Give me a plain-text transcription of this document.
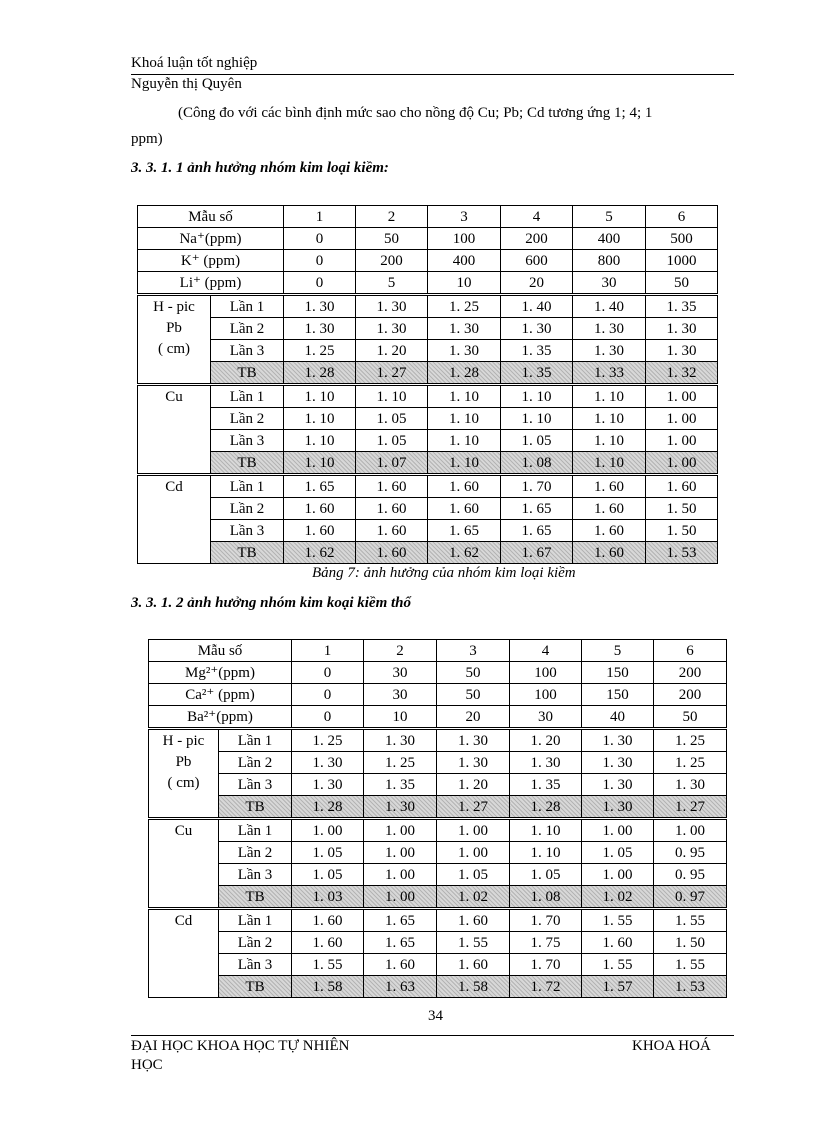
Khoá luận tốt nghiệp
Nguyễn thị Quyên
(Công đo với các bình định mức sao cho nồng độ Cu; Pb; Cd tương ứng 1; 4; 1
ppm)
3. 3. 1. 1 ảnh hưởng nhóm kim loại kiềm:
Mẫu số		1	2	3	4	5	6
Na⁺(ppm)		0	50	100	200	400	500
K⁺ (ppm)		0	200	400	600	800	1000
Li⁺ (ppm)		0	5	10	20	30	50

H - pic
Pb
( cm)	Lần 1	1. 30	1. 30	1. 25	1. 40	1. 40	1. 35
	Lần 2	1. 30	1. 30	1. 30	1. 30	1. 30	1. 30
	Lần 3	1. 25	1. 20	1. 30	1. 35	1. 30	1. 30
	TB	1. 28	1. 27	1. 28	1. 35	1. 33	1. 32

Cu	Lần 1	1. 10	1. 10	1. 10	1. 10	1. 10	1. 00
	Lần 2	1. 10	1. 05	1. 10	1. 10	1. 10	1. 00
	Lần 3	1. 10	1. 05	1. 10	1. 05	1. 10	1. 00
	TB	1. 10	1. 07	1. 10	1. 08	1. 10	1. 00

Cd	Lần 1	1. 65	1. 60	1. 60	1. 70	1. 60	1. 60
	Lần 2	1. 60	1. 60	1. 60	1. 65	1. 60	1. 50
	Lần 3	1. 60	1. 60	1. 65	1. 65	1. 60	1. 50
	TB	1. 62	1. 60	1. 62	1. 67	1. 60	1. 53
Bảng 7: ảnh hưởng của nhóm kim loại kiềm
3. 3. 1. 2 ảnh hưởng nhóm kim koại kiềm thổ
Mẫu số		1	2	3	4	5	6
Mg²⁺(ppm)		0	30	50	100	150	200
Ca²⁺ (ppm)		0	30	50	100	150	200
Ba²⁺(ppm)		0	10	20	30	40	50

H - pic
Pb
( cm)	Lần 1	1. 25	1. 30	1. 30	1. 20	1. 30	1. 25
	Lần 2	1. 30	1. 25	1. 30	1. 30	1. 30	1. 25
	Lần 3	1. 30	1. 35	1. 20	1. 35	1. 30	1. 30
	TB	1. 28	1. 30	1. 27	1. 28	1. 30	1. 27

Cu	Lần 1	1. 00	1. 00	1. 00	1. 10	1. 00	1. 00
	Lần 2	1. 05	1. 00	1. 00	1. 10	1. 05	0. 95
	Lần 3	1. 05	1. 00	1. 05	1. 05	1. 00	0. 95
	TB	1. 03	1. 00	1. 02	1. 08	1. 02	0. 97

Cd	Lần 1	1. 60	1. 65	1. 60	1. 70	1. 55	1. 55
	Lần 2	1. 60	1. 65	1. 55	1. 75	1. 60	1. 50
	Lần 3	1. 55	1. 60	1. 60	1. 70	1. 55	1. 55
	TB	1. 58	1. 63	1. 58	1. 72	1. 57	1. 53
34
ĐẠI HỌC KHOA HỌC TỰ NHIÊN
HỌC
KHOA HOÁ
